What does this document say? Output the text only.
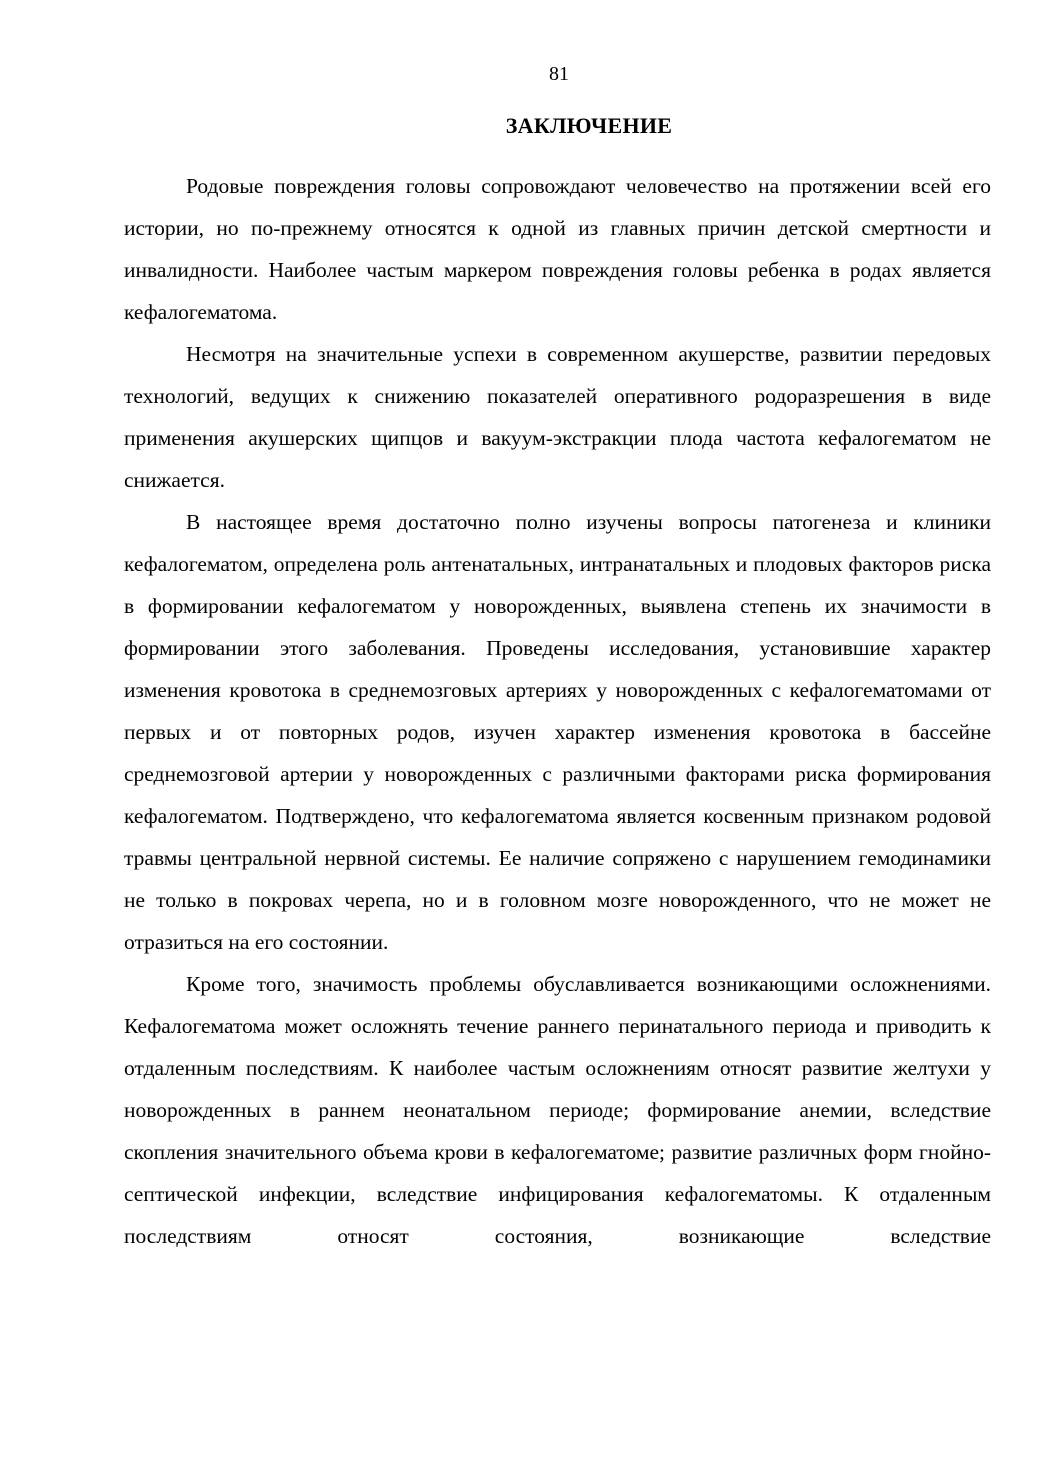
81
ЗАКЛЮЧЕНИЕ

Родовые повреждения головы сопровождают человечество на протяжении всей его истории, но по-прежнему относятся к одной из главных причин детской смертности и инвалидности. Наиболее частым маркером повреждения головы ребенка в родах является кефалогематома.

Несмотря на значительные успехи в современном акушерстве, развитии передовых технологий, ведущих к снижению показателей оперативного родоразрешения в виде применения акушерских щипцов и вакуум-экстракции плода частота кефалогематом не снижается.

В настоящее время достаточно полно изучены вопросы патогенеза и клиники кефалогематом, определена роль антенатальных, интранатальных и плодовых факторов риска в формировании кефалогематом у новорожденных, выявлена степень их значимости в формировании этого заболевания. Проведены исследования, установившие характер изменения кровотока в среднемозговых артериях у новорожденных с кефалогематомами от первых и от повторных родов, изучен характер изменения кровотока в бассейне среднемозговой артерии у новорожденных с различными факторами риска формирования кефалогематом. Подтверждено, что кефалогематома является косвенным признаком родовой травмы центральной нервной системы. Ее наличие сопряжено с нарушением гемодинамики не только в покровах черепа, но и в головном мозге новорожденного, что не может не отразиться на его состоянии.

Кроме того, значимость проблемы обуславливается возникающими осложнениями. Кефалогематома может осложнять течение раннего перинатального периода и приводить к отдаленным последствиям. К наиболее частым осложнениям относят развитие желтухи у новорожденных в раннем неонатальном периоде; формирование анемии, вследствие скопления значительного объема крови в кефалогематоме; развитие различных форм гнойно-септической инфекции, вследствие инфицирования кефалогематомы. К отдаленным последствиям относят состояния, возникающие вследствие
